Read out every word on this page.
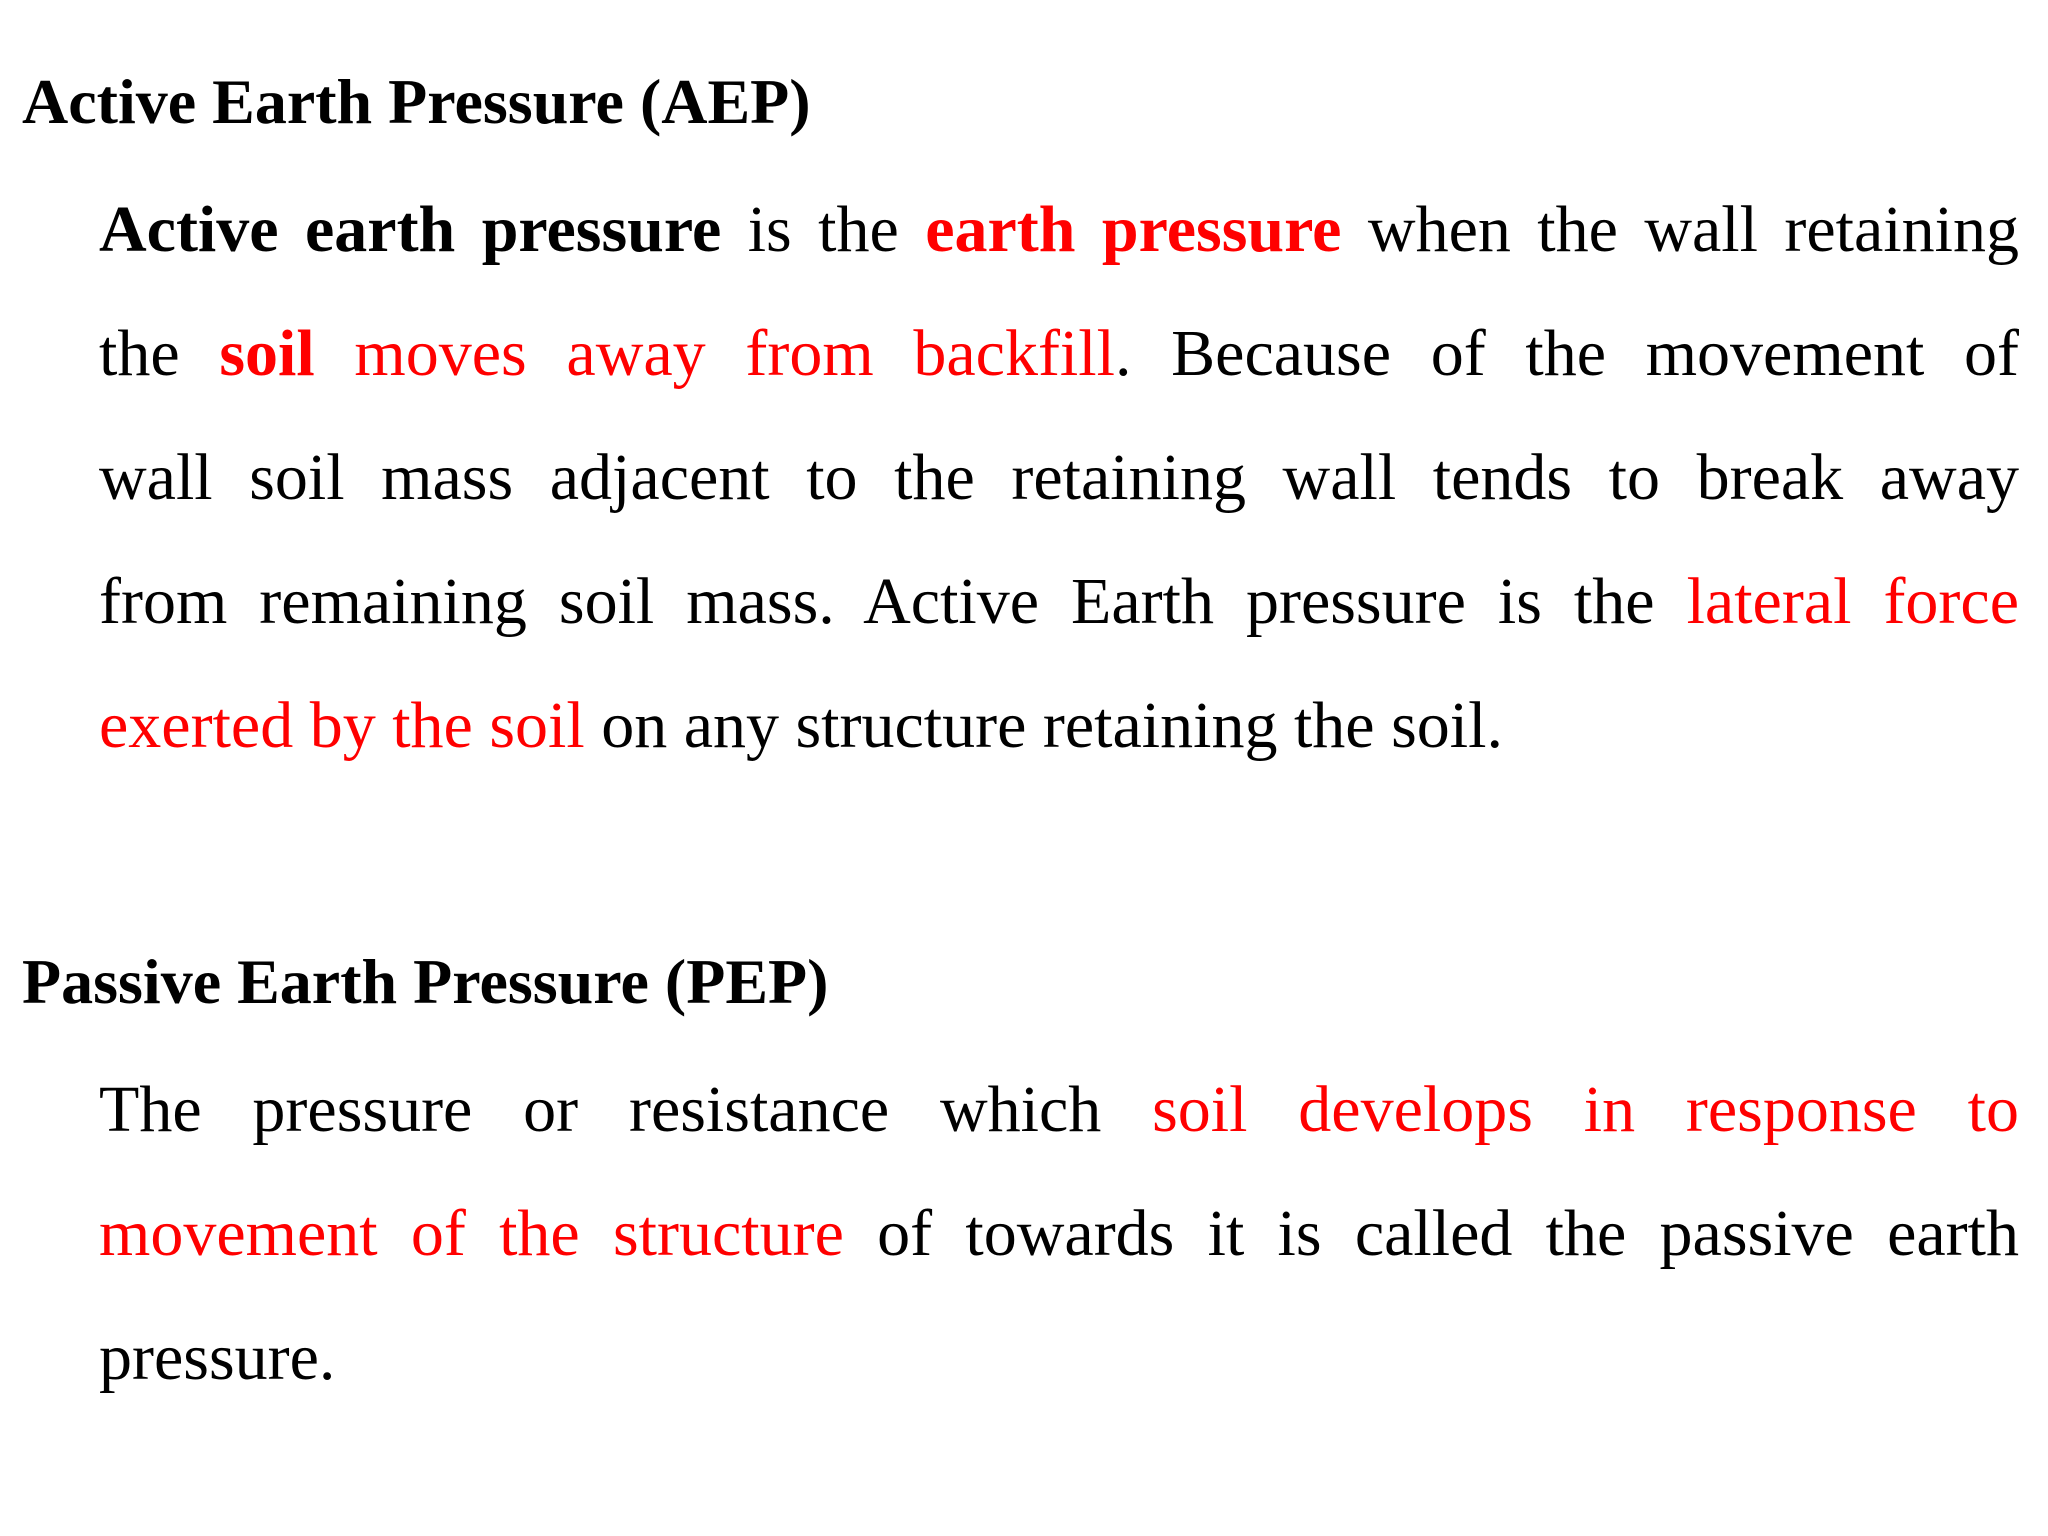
Active Earth Pressure (AEP)
Active earth pressure is the earth pressure when the wall retaining
the soil moves away from backfill. Because of the movement of
wall soil mass adjacent to the retaining wall tends to break away
from remaining soil mass. Active Earth pressure is the lateral force
exerted by the soil on any structure retaining the soil.
Passive Earth Pressure (PEP)
The pressure or resistance which soil develops in response to
movement of the structure of towards it is called the passive earth
pressure.
